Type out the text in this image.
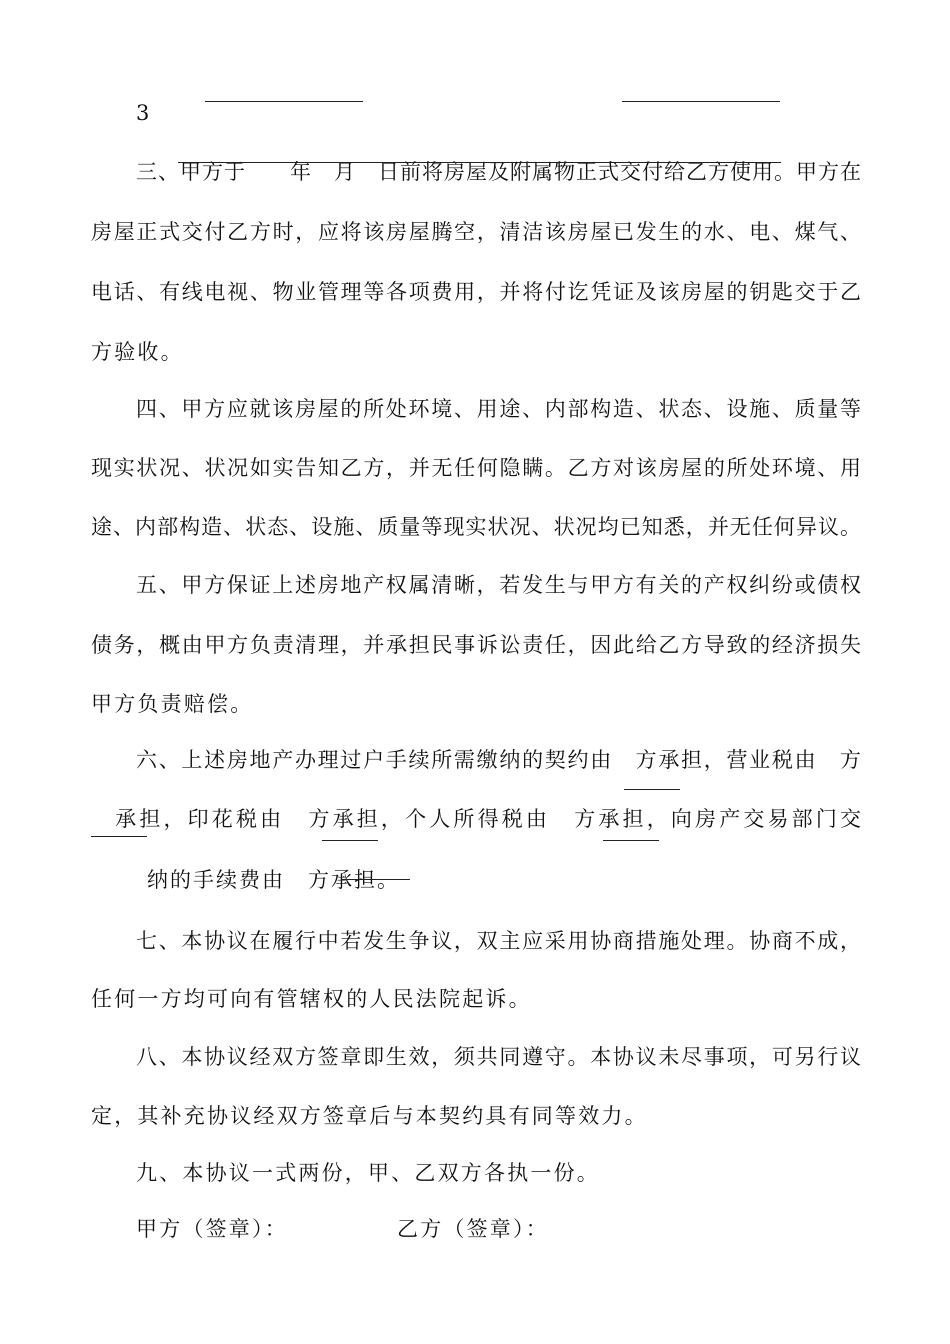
3
三、甲方于　　年　月　日前将房屋及附属物正式交付给乙方使用。甲方在
房屋正式交付乙方时，应将该房屋腾空，清洁该房屋已发生的水、电、煤气、
电话、有线电视、物业管理等各项费用，并将付讫凭证及该房屋的钥匙交于乙
方验收。
四、甲方应就该房屋的所处环境、用途、内部构造、状态、设施、质量等
现实状况、状况如实告知乙方，并无任何隐瞒。乙方对该房屋的所处环境、用
途、内部构造、状态、设施、质量等现实状况、状况均已知悉，并无任何异议。
五、甲方保证上述房地产权属清晰，若发生与甲方有关的产权纠纷或债权
债务，概由甲方负责清理，并承担民事诉讼责任，因此给乙方导致的经济损失
甲方负责赔偿。
六、上述房地产办理过户手续所需缴纳的契约由　方承担，营业税由　方
　承担，印花税由　方承担，个人所得税由　方承担，向房产交易部门交
纳的手续费由　方承担。
七、本协议在履行中若发生争议，双主应采用协商措施处理。协商不成，
任何一方均可向有管辖权的人民法院起诉。
八、本协议经双方签章即生效，须共同遵守。本协议未尽事项，可另行议
定，其补充协议经双方签章后与本契约具有同等效力。
九、本协议一式两份，甲、乙双方各执一份。
甲方（签章）：	乙方（签章）：
